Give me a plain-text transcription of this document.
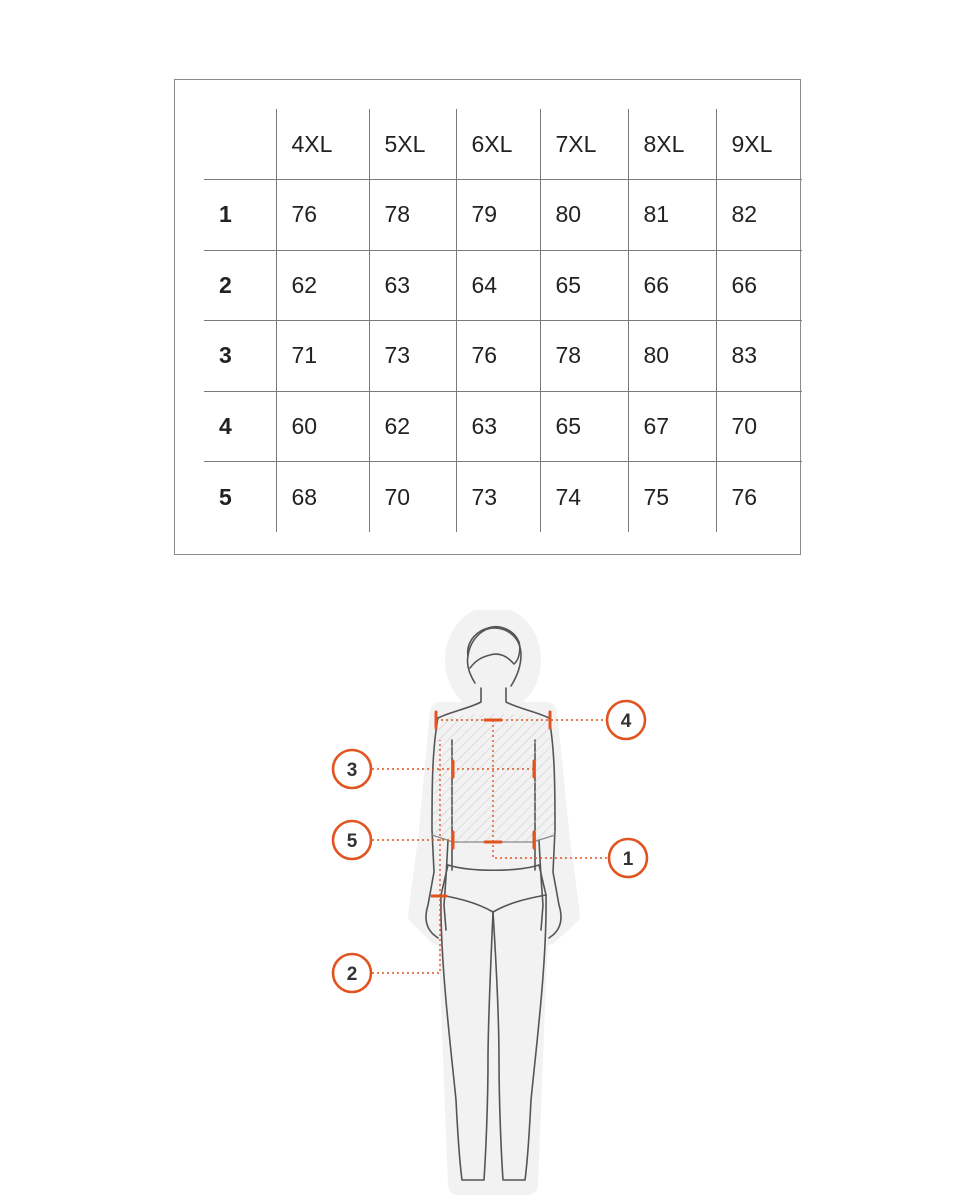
	4XL	5XL	6XL	7XL	8XL	9XL
1	76	78	79	80	81	82
2	62	63	64	65	66	66
3	71	73	76	78	80	83
4	60	62	63	65	67	70
5	68	70	73	74	75	76
4
3
5
1
2
